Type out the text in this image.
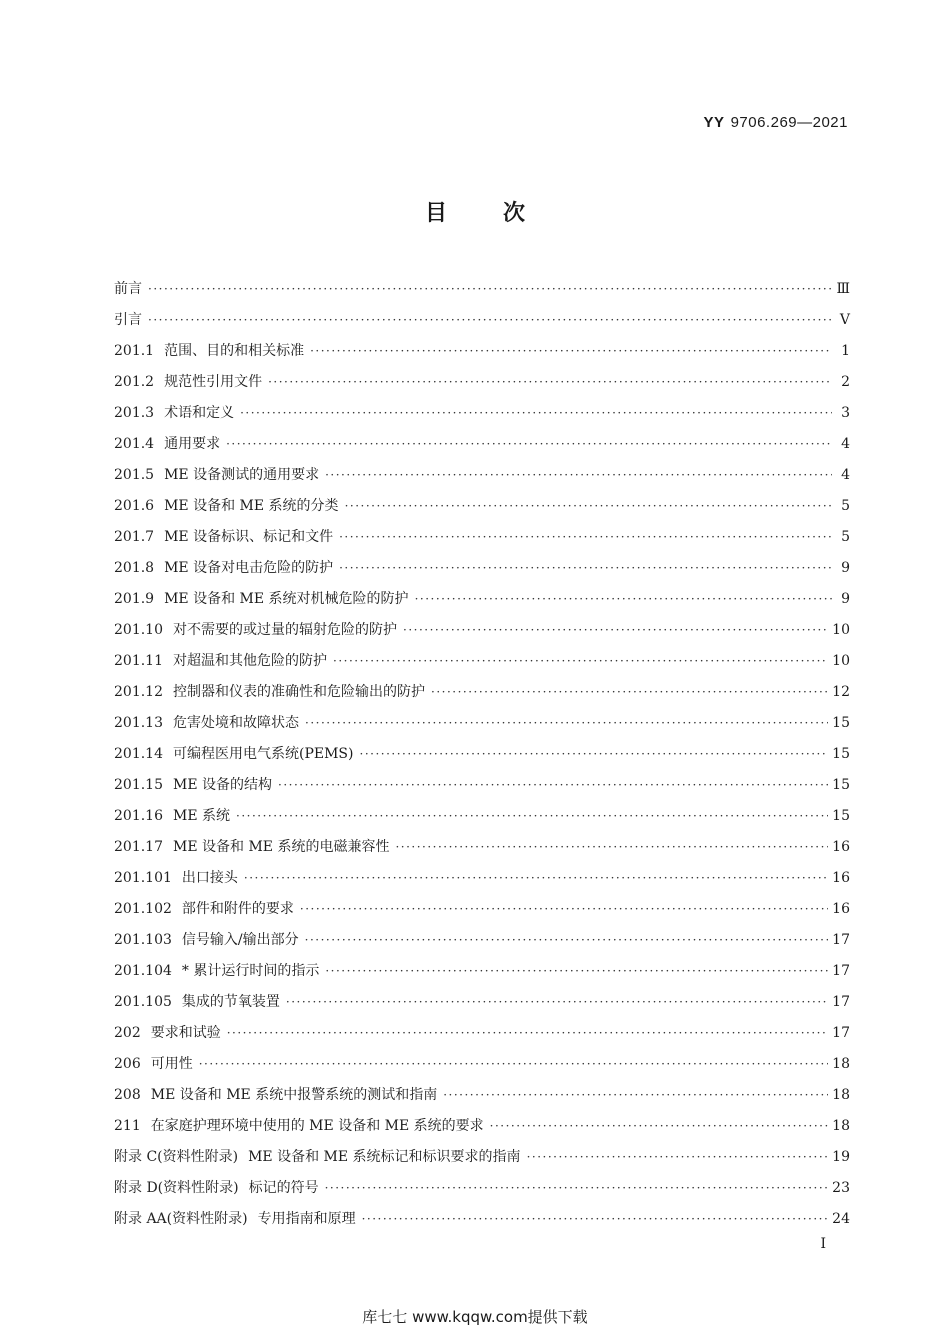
YY 9706.269—2021
目次
前言 ·····	Ⅲ
引言 ·····	Ⅴ
201.1 范围、目的和相关标准 ·····	1
201.2 规范性引用文件 ·····	2
201.3 术语和定义 ·····	3
201.4 通用要求 ·····	4
201.5 ME 设备测试的通用要求 ·····	4
201.6 ME 设备和 ME 系统的分类 ·····	5
201.7 ME 设备标识、标记和文件 ·····	5
201.8 ME 设备对电击危险的防护 ·····	9
201.9 ME 设备和 ME 系统对机械危险的防护 ·····	9
201.10 对不需要的或过量的辐射危险的防护 ·····	10
201.11 对超温和其他危险的防护 ·····	10
201.12 控制器和仪表的准确性和危险输出的防护 ·····	12
201.13 危害处境和故障状态 ·····	15
201.14 可编程医用电气系统(PEMS) ·····	15
201.15 ME 设备的结构 ·····	15
201.16 ME 系统 ·····	15
201.17 ME 设备和 ME 系统的电磁兼容性 ·····	16
201.101 出口接头 ·····	16
201.102 部件和附件的要求 ·····	16
201.103 信号输入/输出部分 ·····	17
201.104 * 累计运行时间的指示 ·····	17
201.105 集成的节氧装置 ·····	17
202 要求和试验 ·····	17
206 可用性 ·····	18
208 ME 设备和 ME 系统中报警系统的测试和指南 ·····	18
211 在家庭护理环境中使用的 ME 设备和 ME 系统的要求 ·····	18
附录 C(资料性附录) ME 设备和 ME 系统标记和标识要求的指南 ·····	19
附录 D(资料性附录) 标记的符号 ·····	23
附录 AA(资料性附录) 专用指南和原理 ·····	24
Ⅰ
库七七 www.kqqw.com提供下载
